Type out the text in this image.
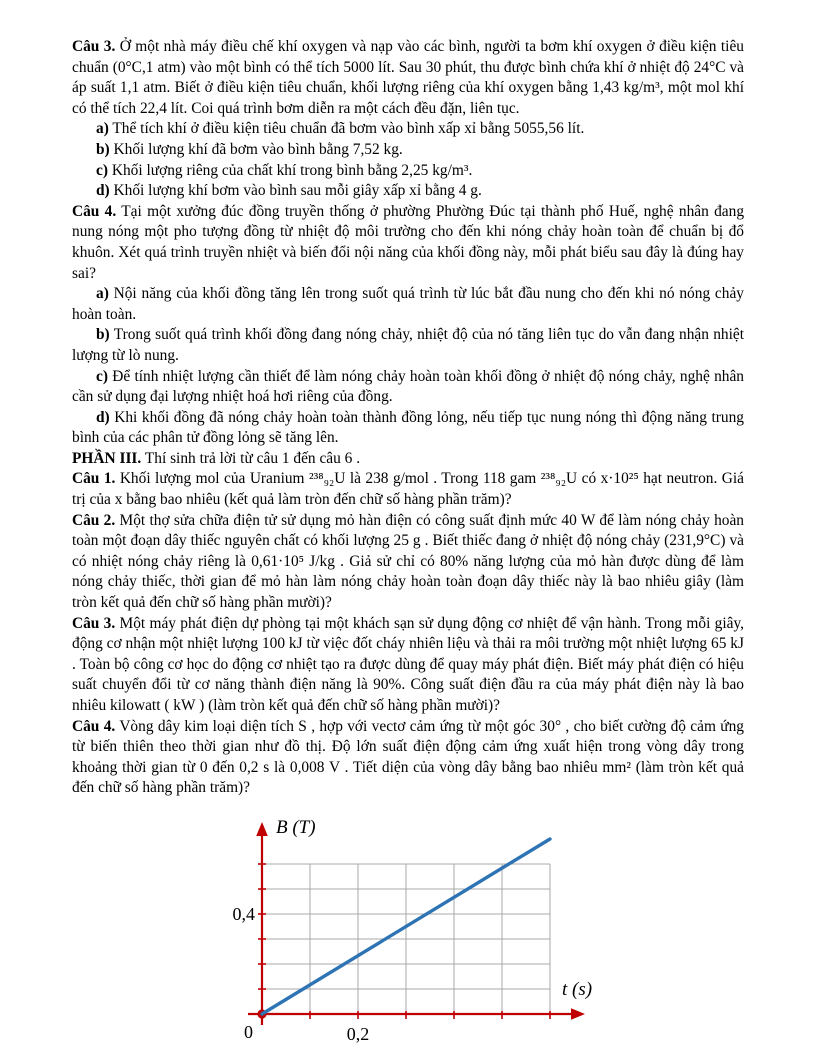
Câu 3. Ở một nhà máy điều chế khí oxygen và nạp vào các bình, người ta bơm khí oxygen ở điều kiện tiêu chuẩn (0°C,1 atm) vào một bình có thể tích 5000 lít. Sau 30 phút, thu được bình chứa khí ở nhiệt độ 24°C và áp suất 1,1 atm. Biết ở điều kiện tiêu chuẩn, khối lượng riêng của khí oxygen bằng 1,43 kg/m³, một mol khí có thể tích 22,4 lít. Coi quá trình bơm diễn ra một cách đều đặn, liên tục.

a) Thể tích khí ở điều kiện tiêu chuẩn đã bơm vào bình xấp xỉ bằng 5055,56 lít.

b) Khối lượng khí đã bơm vào bình bằng 7,52 kg.

c) Khối lượng riêng của chất khí trong bình bằng 2,25 kg/m³.

d) Khối lượng khí bơm vào bình sau mỗi giây xấp xỉ bằng 4 g.

Câu 4. Tại một xưởng đúc đồng truyền thống ở phường Phường Đúc tại thành phố Huế, nghệ nhân đang nung nóng một pho tượng đồng từ nhiệt độ môi trường cho đến khi nóng chảy hoàn toàn để chuẩn bị đổ khuôn. Xét quá trình truyền nhiệt và biến đổi nội năng của khối đồng này, mỗi phát biểu sau đây là đúng hay sai?

a) Nội năng của khối đồng tăng lên trong suốt quá trình từ lúc bắt đầu nung cho đến khi nó nóng chảy hoàn toàn.

b) Trong suốt quá trình khối đồng đang nóng chảy, nhiệt độ của nó tăng liên tục do vẫn đang nhận nhiệt lượng từ lò nung.

c) Để tính nhiệt lượng cần thiết để làm nóng chảy hoàn toàn khối đồng ở nhiệt độ nóng chảy, nghệ nhân cần sử dụng đại lượng nhiệt hoá hơi riêng của đồng.

d) Khi khối đồng đã nóng chảy hoàn toàn thành đồng lỏng, nếu tiếp tục nung nóng thì động năng trung bình của các phân tử đồng lỏng sẽ tăng lên.

PHẦN III. Thí sinh trả lời từ câu 1 đến câu 6 .

Câu 1. Khối lượng mol của Uranium ²³⁸₉₂U là 238 g/mol . Trong 118 gam ²³⁸₉₂U có x·10²⁵ hạt neutron. Giá trị của x bằng bao nhiêu (kết quả làm tròn đến chữ số hàng phần trăm)?

Câu 2. Một thợ sửa chữa điện tử sử dụng mỏ hàn điện có công suất định mức 40 W để làm nóng chảy hoàn toàn một đoạn dây thiếc nguyên chất có khối lượng 25 g . Biết thiếc đang ở nhiệt độ nóng chảy (231,9°C) và có nhiệt nóng chảy riêng là 0,61·10⁵ J/kg . Giả sử chỉ có 80% năng lượng của mỏ hàn được dùng để làm nóng chảy thiếc, thời gian để mỏ hàn làm nóng chảy hoàn toàn đoạn dây thiếc này là bao nhiêu giây (làm tròn kết quả đến chữ số hàng phần mười)?

Câu 3. Một máy phát điện dự phòng tại một khách sạn sử dụng động cơ nhiệt để vận hành. Trong mỗi giây, động cơ nhận một nhiệt lượng 100 kJ từ việc đốt cháy nhiên liệu và thải ra môi trường một nhiệt lượng 65 kJ . Toàn bộ công cơ học do động cơ nhiệt tạo ra được dùng để quay máy phát điện. Biết máy phát điện có hiệu suất chuyển đổi từ cơ năng thành điện năng là 90%. Công suất điện đầu ra của máy phát điện này là bao nhiêu kilowatt ( kW ) (làm tròn kết quả đến chữ số hàng phần mười)?

Câu 4. Vòng dây kim loại diện tích S , hợp với vectơ cảm ứng từ một góc 30° , cho biết cường độ cảm ứng từ biến thiên theo thời gian như đồ thị. Độ lớn suất điện động cảm ứng xuất hiện trong vòng dây trong khoảng thời gian từ 0 đến 0,2 s là 0,008 V . Tiết diện của vòng dây bằng bao nhiêu mm² (làm tròn kết quả đến chữ số hàng phần trăm)?

B (T)
t (s)
0	0,2
0,4
